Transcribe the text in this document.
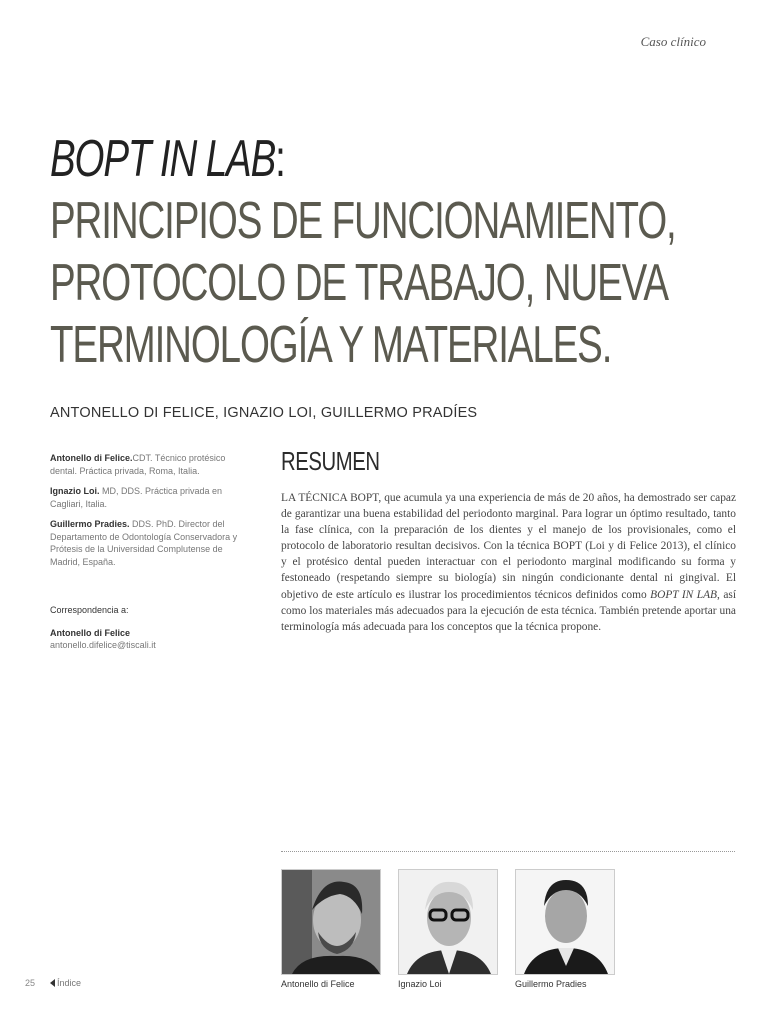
Caso clínico
BOPT IN LAB:
PRINCIPIOS DE FUNCIONAMIENTO,
PROTOCOLO DE TRABAJO, NUEVA
TERMINOLOGÍA Y MATERIALES.
ANTONELLO DI FELICE, IGNAZIO LOI, GUILLERMO PRADÍES

Antonello di Felice.CDT. Técnico protésico dental. Práctica privada, Roma, Italia.

Ignazio Loi. MD, DDS. Práctica privada en Cagliari, Italia.

Guillermo Pradies. DDS. PhD. Director del Departamento de Odontología Conservadora y Prótesis de la Universidad Complutense de Madrid, España.

Correspondencia a:
Antonello di Felice
antonello.difelice@tiscali.it
RESUMEN

LA TÉCNICA BOPT, que acumula ya una experiencia de más de 20 años, ha demostrado ser capaz de garantizar una buena estabilidad del periodonto marginal. Para lograr un óptimo resultado, tanto la fase clínica, con la preparación de los dientes y el manejo de los provisionales, como el protocolo de laboratorio resultan decisivos. Con la técnica BOPT (Loi y di Felice 2013), el clínico y el protésico dental pueden interactuar con el periodonto marginal modificando su forma y festoneado (respetando siempre su biología) sin ningún condicionante dental ni gingival. El objetivo de este artículo es ilustrar los procedimientos técnicos definidos como BOPT IN LAB, así como los materiales más adecuados para la ejecución de esta técnica. También pretende aportar una terminología más adecuada para los conceptos que la técnica propone.

Antonello di Felice	Ignazio Loi	Guillermo Pradies
25	Índice
